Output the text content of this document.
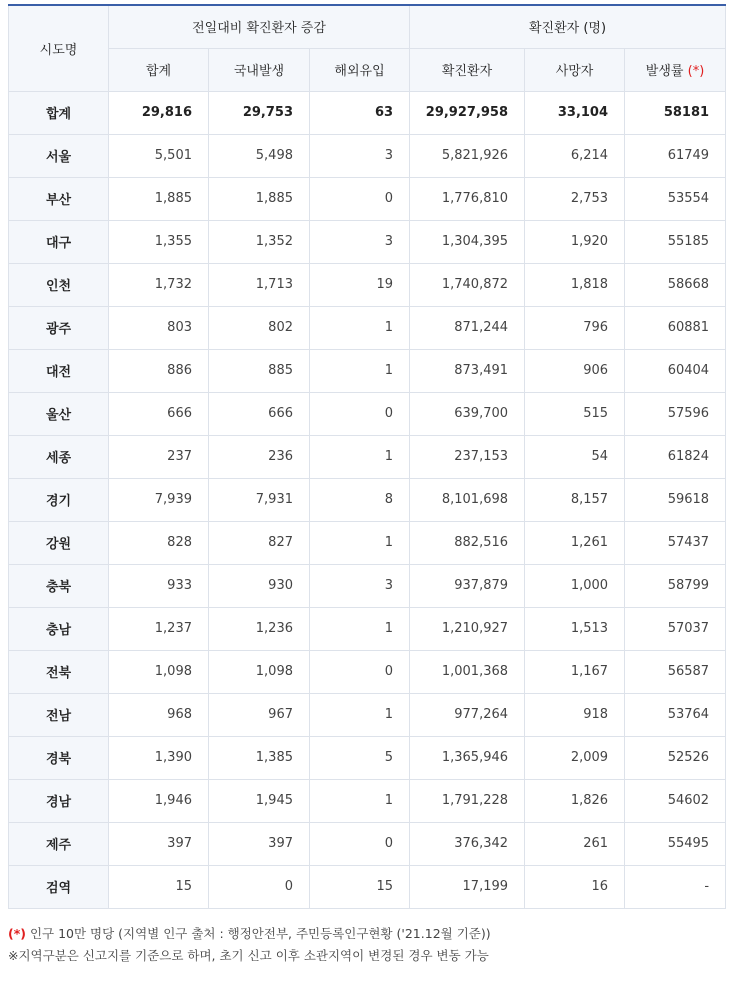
시도명	전일대비 확진환자 증감			확진환자 (명)		
	합계	국내발생	해외유입	확진환자	사망자	발생률 (*)
합계	29,816	29,753	63	29,927,958	33,104	58181
서울	5,501	5,498	3	5,821,926	6,214	61749
부산	1,885	1,885	0	1,776,810	2,753	53554
대구	1,355	1,352	3	1,304,395	1,920	55185
인천	1,732	1,713	19	1,740,872	1,818	58668
광주	803	802	1	871,244	796	60881
대전	886	885	1	873,491	906	60404
울산	666	666	0	639,700	515	57596
세종	237	236	1	237,153	54	61824
경기	7,939	7,931	8	8,101,698	8,157	59618
강원	828	827	1	882,516	1,261	57437
충북	933	930	3	937,879	1,000	58799
충남	1,237	1,236	1	1,210,927	1,513	57037
전북	1,098	1,098	0	1,001,368	1,167	56587
전남	968	967	1	977,264	918	53764
경북	1,390	1,385	5	1,365,946	2,009	52526
경남	1,946	1,945	1	1,791,228	1,826	54602
제주	397	397	0	376,342	261	55495
검역	15	0	15	17,199	16	-
(*) 인구 10만 명당 (지역별 인구 출처 : 행정안전부, 주민등록인구현황 ('21.12월 기준))
※지역구분은 신고지를 기준으로 하며, 초기 신고 이후 소관지역이 변경된 경우 변동 가능
